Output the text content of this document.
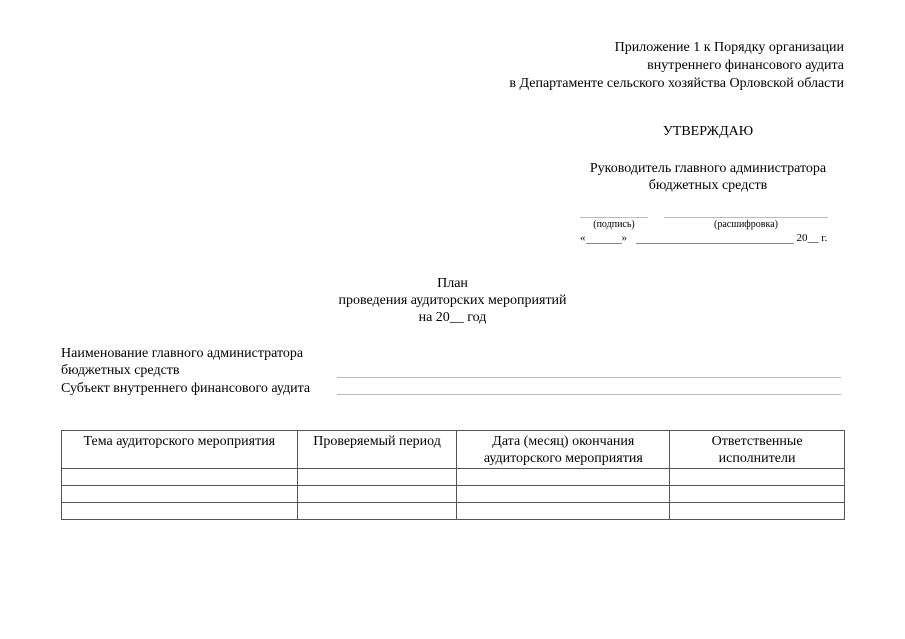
Приложение 1 к Порядку организации
внутреннего финансового аудита
в Департаменте сельского хозяйства Орловской области
УТВЕРЖДАЮ
Руководитель главного администратора
бюджетных средств
(подпись)	(расшифровка)
«	»	20__ г.
План
проведения аудиторских мероприятий
на 20__ год
Наименование главного администратора
бюджетных средств
Субъект внутреннего финансового аудита
Тема аудиторского мероприятия	Проверяемый период	Дата (месяц) окончания аудиторского мероприятия	Ответственные исполнители
